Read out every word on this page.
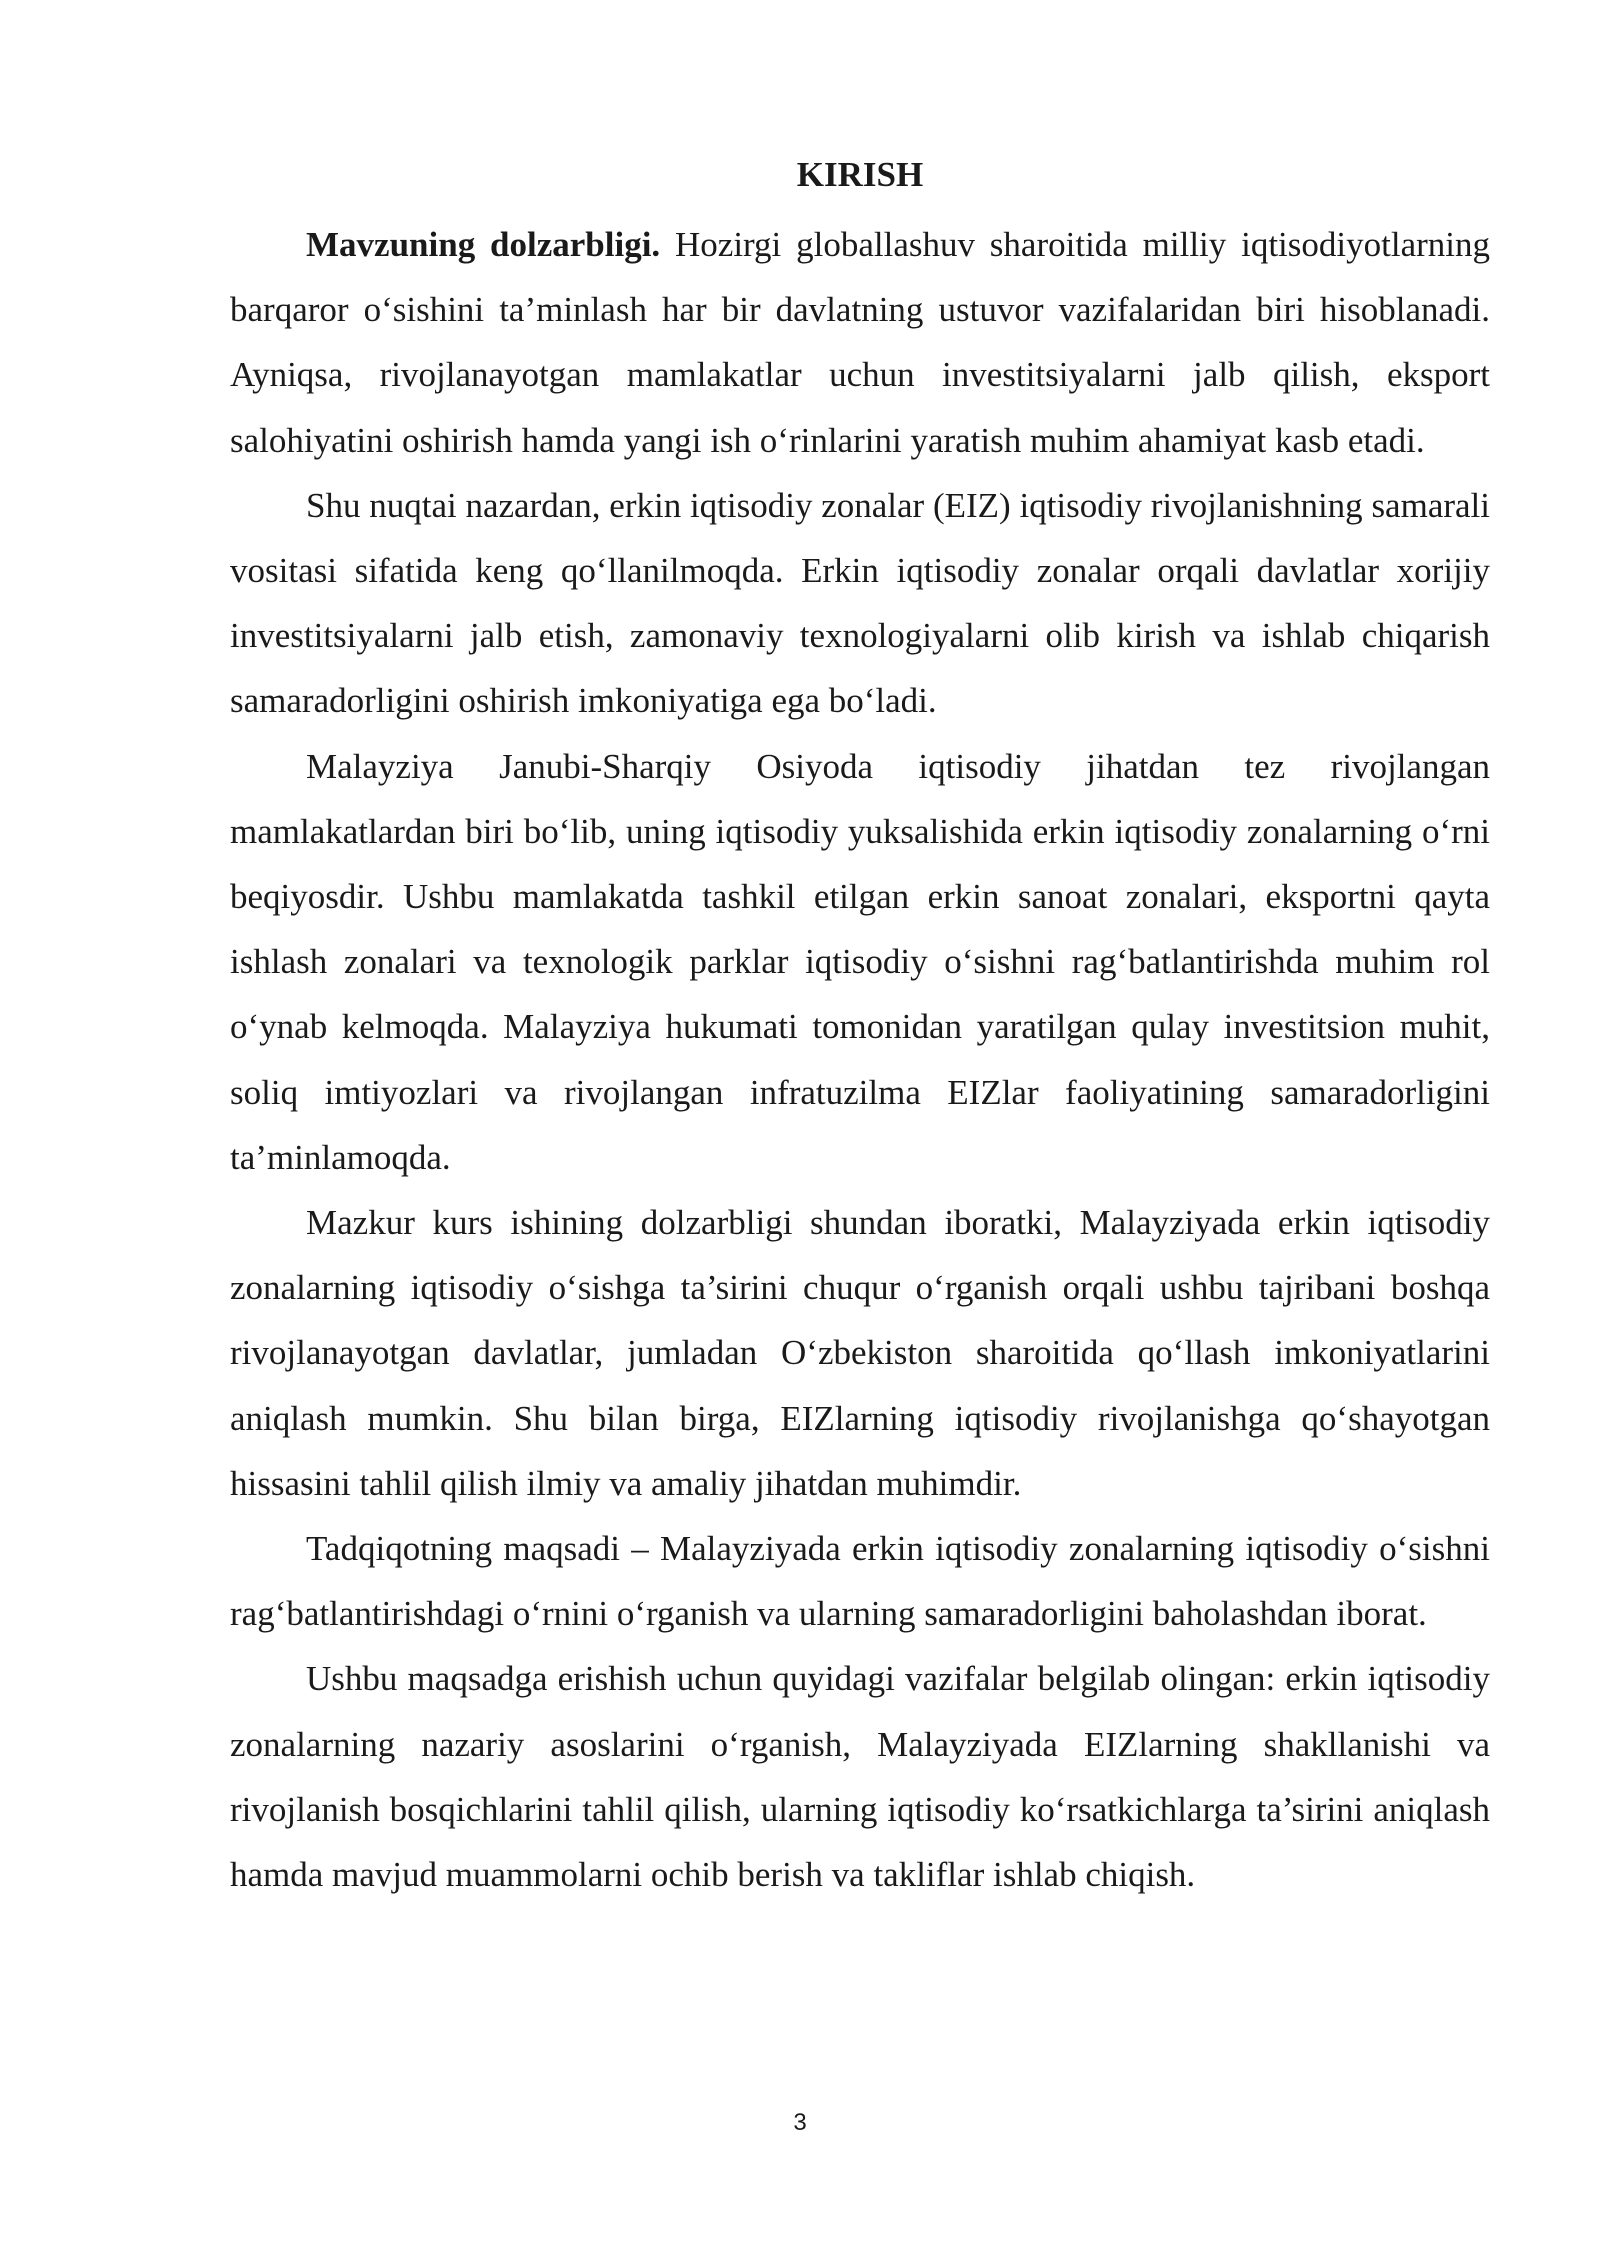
KIRISH

Mavzuning dolzarbligi. Hozirgi globallashuv sharoitida milliy iqtisodiyotlarning barqaror o‘sishini ta’minlash har bir davlatning ustuvor vazifalaridan biri hisoblanadi. Ayniqsa, rivojlanayotgan mamlakatlar uchun investitsiyalarni jalb qilish, eksport salohiyatini oshirish hamda yangi ish o‘rinlarini yaratish muhim ahamiyat kasb etadi.

Shu nuqtai nazardan, erkin iqtisodiy zonalar (EIZ) iqtisodiy rivojlanishning samarali vositasi sifatida keng qo‘llanilmoqda. Erkin iqtisodiy zonalar orqali davlatlar xorijiy investitsiyalarni jalb etish, zamonaviy texnologiyalarni olib kirish va ishlab chiqarish samaradorligini oshirish imkoniyatiga ega bo‘ladi.

Malayziya Janubi-Sharqiy Osiyoda iqtisodiy jihatdan tez rivojlangan mamlakatlardan biri bo‘lib, uning iqtisodiy yuksalishida erkin iqtisodiy zonalarning o‘rni beqiyosdir. Ushbu mamlakatda tashkil etilgan erkin sanoat zonalari, eksportni qayta ishlash zonalari va texnologik parklar iqtisodiy o‘sishni rag‘batlantirishda muhim rol o‘ynab kelmoqda. Malayziya hukumati tomonidan yaratilgan qulay investitsion muhit, soliq imtiyozlari va rivojlangan infratuzilma EIZlar faoliyatining samaradorligini ta’minlamoqda.

Mazkur kurs ishining dolzarbligi shundan iboratki, Malayziyada erkin iqtisodiy zonalarning iqtisodiy o‘sishga ta’sirini chuqur o‘rganish orqali ushbu tajribani boshqa rivojlanayotgan davlatlar, jumladan O‘zbekiston sharoitida qo‘llash imkoniyatlarini aniqlash mumkin. Shu bilan birga, EIZlarning iqtisodiy rivojlanishga qo‘shayotgan hissasini tahlil qilish ilmiy va amaliy jihatdan muhimdir.

Tadqiqotning maqsadi – Malayziyada erkin iqtisodiy zonalarning iqtisodiy o‘sishni rag‘batlantirishdagi o‘rnini o‘rganish va ularning samaradorligini baholashdan iborat.

Ushbu maqsadga erishish uchun quyidagi vazifalar belgilab olingan: erkin iqtisodiy zonalarning nazariy asoslarini o‘rganish, Malayziyada EIZlarning shakllanishi va rivojlanish bosqichlarini tahlil qilish, ularning iqtisodiy ko‘rsatkichlarga ta’sirini aniqlash hamda mavjud muammolarni ochib berish va takliflar ishlab chiqish.

3
